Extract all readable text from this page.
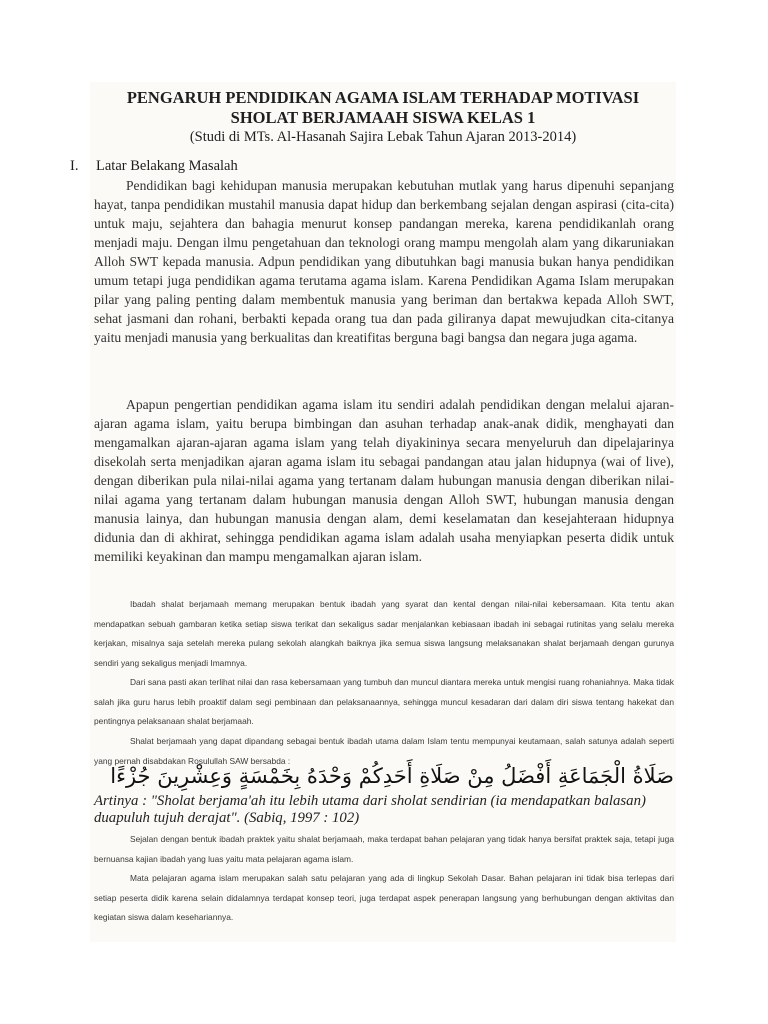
PENGARUH PENDIDIKAN AGAMA ISLAM TERHADAP MOTIVASI
SHOLAT BERJAMAAH SISWA KELAS 1
(Studi di MTs. Al-Hasanah Sajira Lebak Tahun Ajaran 2013-2014)
I. Latar Belakang Masalah
Pendidikan bagi kehidupan manusia merupakan kebutuhan mutlak yang harus dipenuhi sepanjang hayat, tanpa pendidikan mustahil manusia dapat hidup dan berkembang sejalan dengan aspirasi (cita-cita) untuk maju, sejahtera dan bahagia menurut konsep pandangan mereka, karena pendidikanlah orang menjadi maju. Dengan ilmu pengetahuan dan teknologi orang mampu mengolah alam yang dikaruniakan Alloh SWT kepada manusia. Adpun pendidikan yang dibutuhkan bagi manusia bukan hanya pendidikan umum tetapi juga pendidikan agama terutama agama islam. Karena Pendidikan Agama Islam merupakan pilar yang paling penting dalam membentuk manusia yang beriman dan bertakwa kepada Alloh SWT, sehat jasmani dan rohani, berbakti kepada orang tua dan pada giliranya dapat mewujudkan cita-citanya yaitu menjadi manusia yang berkualitas dan kreatifitas berguna bagi bangsa dan negara juga agama.
Apapun pengertian pendidikan agama islam itu sendiri adalah pendidikan dengan melalui ajaran-ajaran agama islam, yaitu berupa bimbingan dan asuhan terhadap anak-anak didik, menghayati dan mengamalkan ajaran-ajaran agama islam yang telah diyakininya secara menyeluruh dan dipelajarinya disekolah serta menjadikan ajaran agama islam itu sebagai pandangan atau jalan hidupnya (wai of live), dengan diberikan pula nilai-nilai agama yang tertanam dalam hubungan manusia dengan diberikan nilai-nilai agama yang tertanam dalam hubungan manusia dengan Alloh SWT, hubungan manusia dengan manusia lainya, dan hubungan manusia dengan alam, demi keselamatan dan kesejahteraan hidupnya didunia dan di akhirat, sehingga pendidikan agama islam adalah usaha menyiapkan peserta didik untuk memiliki keyakinan dan mampu mengamalkan ajaran islam.
Ibadah shalat berjamaah memang merupakan bentuk ibadah yang syarat dan kental dengan nilai-nilai kebersamaan. Kita tentu akan mendapatkan sebuah gambaran ketika setiap siswa terikat dan sekaligus sadar menjalankan kebiasaan ibadah ini sebagai rutinitas yang selalu mereka kerjakan, misalnya saja setelah mereka pulang sekolah alangkah baiknya jika semua siswa langsung melaksanakan shalat berjamaah dengan gurunya sendiri yang sekaligus menjadi Imamnya.
Dari sana pasti akan terlihat nilai dan rasa kebersamaan yang tumbuh dan muncul diantara mereka untuk mengisi ruang rohaniahnya. Maka tidak salah jika guru harus lebih proaktif dalam segi pembinaan dan pelaksanaannya, sehingga muncul kesadaran dari dalam diri siswa tentang hakekat dan pentingnya pelaksanaan shalat berjamaah.
Shalat berjamaah yang dapat dipandang sebagai bentuk ibadah utama dalam Islam tentu mempunyai keutamaan, salah satunya adalah seperti yang pernah disabdakan Rosulullah SAW bersabda :
صَلَاةُ الْجَمَاعَةِ أَفْضَلُ مِنْ صَلَاةِ أَحَدِكُمْ وَحْدَهُ بِخَمْسَةٍ وَعِشْرِينَ جُزْءًا
Artinya : "Sholat berjama'ah itu lebih utama dari sholat sendirian (ia mendapatkan balasan) duapuluh tujuh derajat". (Sabiq, 1997 : 102)
Sejalan dengan bentuk ibadah praktek yaitu shalat berjamaah, maka terdapat bahan pelajaran yang tidak hanya bersifat praktek saja, tetapi juga bernuansa kajian ibadah yang luas yaitu mata pelajaran agama islam.
Mata pelajaran agama islam merupakan salah satu pelajaran yang ada di lingkup Sekolah Dasar. Bahan pelajaran ini tidak bisa terlepas dari setiap peserta didik karena selain didalamnya terdapat konsep teori, juga terdapat aspek penerapan langsung yang berhubungan dengan aktivitas dan kegiatan siswa dalam kesehariannya.
